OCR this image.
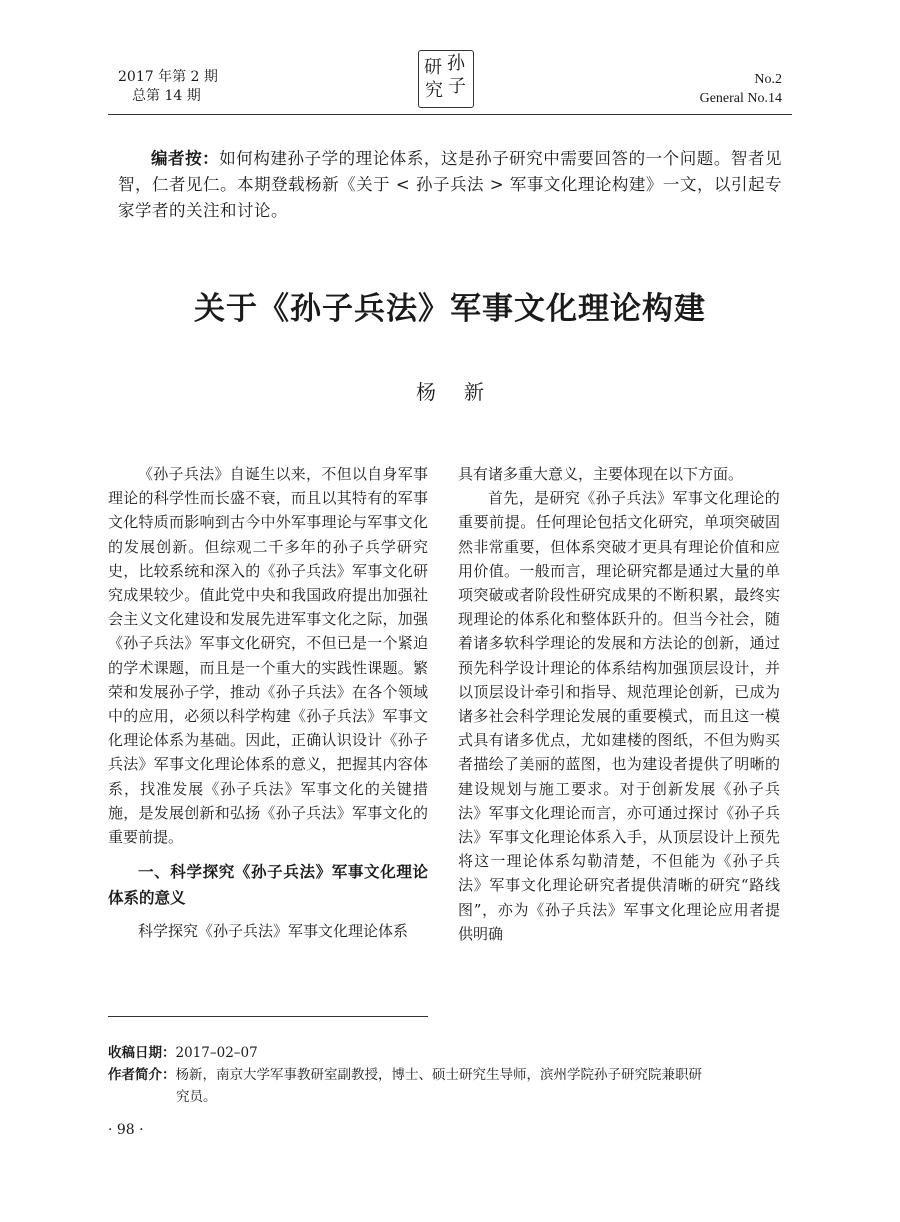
2017 年第 2 期
总第 14 期
研 孙
究 子	No.2
General No.14
编者按：如何构建孙子学的理论体系，这是孙子研究中需要回答的一个问题。智者见智，仁者见仁。本期登载杨新《关于 < 孙子兵法 > 军事文化理论构建》一文，以引起专家学者的关注和讨论。
关于《孙子兵法》军事文化理论构建
杨新

《孙子兵法》自诞生以来，不但以自身军事理论的科学性而长盛不衰，而且以其特有的军事文化特质而影响到古今中外军事理论与军事文化的发展创新。但综观二千多年的孙子兵学研究史，比较系统和深入的《孙子兵法》军事文化研究成果较少。值此党中央和我国政府提出加强社会主义文化建设和发展先进军事文化之际，加强《孙子兵法》军事文化研究，不但已是一个紧迫的学术课题，而且是一个重大的实践性课题。繁荣和发展孙子学，推动《孙子兵法》在各个领域中的应用，必须以科学构建《孙子兵法》军事文化理论体系为基础。因此，正确认识设计《孙子兵法》军事文化理论体系的意义，把握其内容体系，找准发展《孙子兵法》军事文化的关键措施，是发展创新和弘扬《孙子兵法》军事文化的重要前提。

一、科学探究《孙子兵法》军事文化理论体系的意义

科学探究《孙子兵法》军事文化理论体系

具有诸多重大意义，主要体现在以下方面。

首先，是研究《孙子兵法》军事文化理论的重要前提。任何理论包括文化研究，单项突破固然非常重要，但体系突破才更具有理论价值和应用价值。一般而言，理论研究都是通过大量的单项突破或者阶段性研究成果的不断积累，最终实现理论的体系化和整体跃升的。但当今社会，随着诸多软科学理论的发展和方法论的创新，通过预先科学设计理论的体系结构加强顶层设计，并以顶层设计牵引和指导、规范理论创新，已成为诸多社会科学理论发展的重要模式，而且这一模式具有诸多优点，尤如建楼的图纸，不但为购买者描绘了美丽的蓝图，也为建设者提供了明晰的建设规划与施工要求。对于创新发展《孙子兵法》军事文化理论而言，亦可通过探讨《孙子兵法》军事文化理论体系入手，从顶层设计上预先将这一理论体系勾勒清楚，不但能为《孙子兵法》军事文化理论研究者提供清晰的研究“路线图”，亦为《孙子兵法》军事文化理论应用者提供明确

收稿日期：2017–02–07
作者简介：杨新，南京大学军事教研室副教授，博士、硕士研究生导师，滨州学院孙子研究院兼职研
究员。
· 98 ·
